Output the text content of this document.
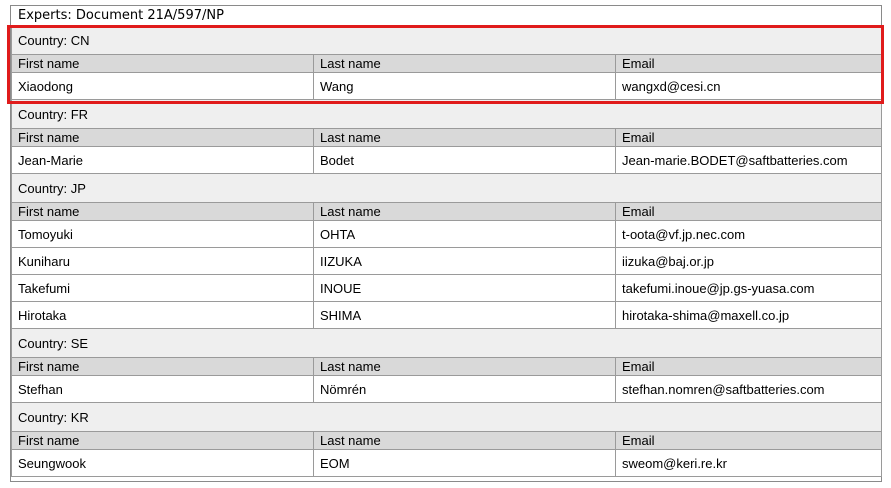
Experts: Document 21A/597/NP
Country: CN		
First name	Last name	Email
Xiaodong	Wang	wangxd@cesi.cn
Country: FR		
First name	Last name	Email
Jean-Marie	Bodet	Jean-marie.BODET@saftbatteries.com
Country: JP		
First name	Last name	Email
Tomoyuki	OHTA	t-oota@vf.jp.nec.com
Kuniharu	IIZUKA	iizuka@baj.or.jp
Takefumi	INOUE	takefumi.inoue@jp.gs-yuasa.com
Hirotaka	SHIMA	hirotaka-shima@maxell.co.jp
Country: SE		
First name	Last name	Email
Stefhan	Nömrén	stefhan.nomren@saftbatteries.com
Country: KR		
First name	Last name	Email
Seungwook	EOM	sweom@keri.re.kr
